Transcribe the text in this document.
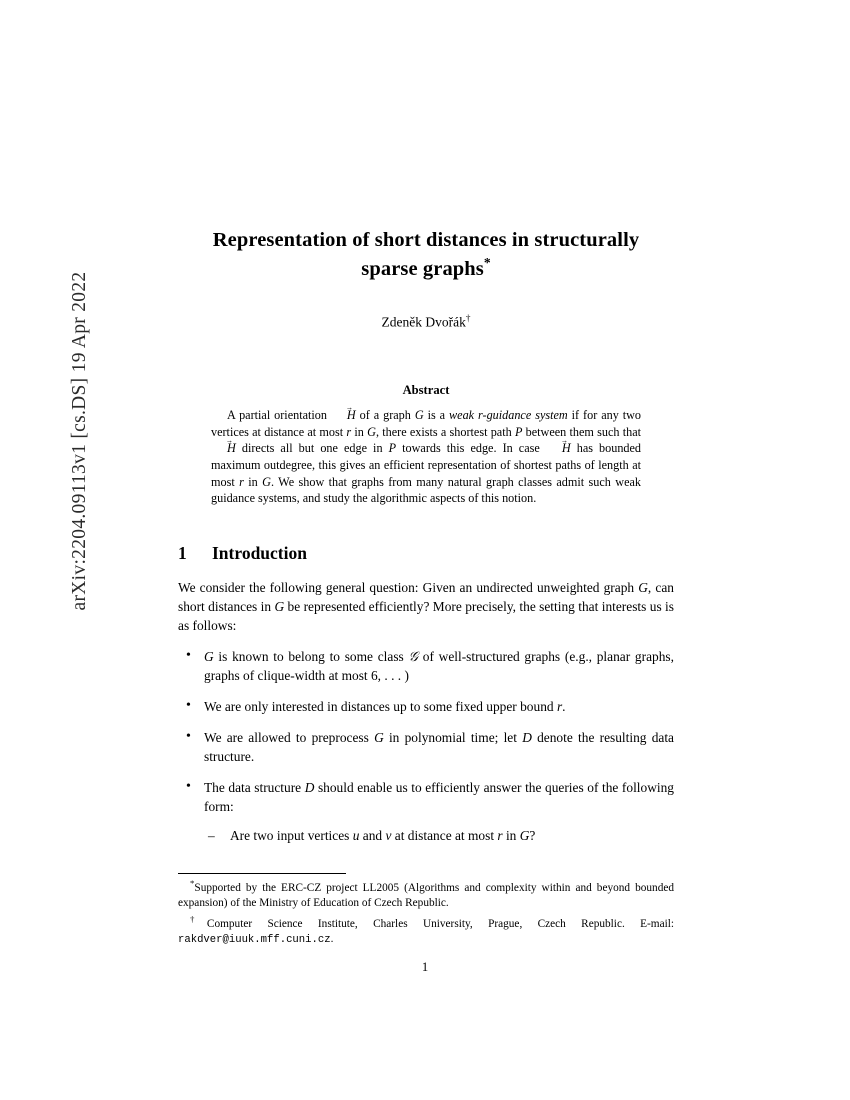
arXiv:2204.09113v1 [cs.DS] 19 Apr 2022
Representation of short distances in structurally
sparse graphs*
Zdeněk Dvořák†
Abstract
A partial orientation H → of a graph G is a weak r-guidance system if for any two vertices at distance at most r in G, there exists a shortest path P between them such that H → directs all but one edge in P towards this edge. In case H → has bounded maximum outdegree, this gives an efficient representation of shortest paths of length at most r in G. We show that graphs from many natural graph classes admit such weak guidance systems, and study the algorithmic aspects of this notion.
1 Introduction

We consider the following general question: Given an undirected unweighted graph G, can short distances in G be represented efficiently? More precisely, the setting that interests us is as follows:

• G is known to belong to some class 𝒢 of well-structured graphs (e.g., planar graphs, graphs of clique-width at most 6, . . . )
• We are only interested in distances up to some fixed upper bound r.
• We are allowed to preprocess G in polynomial time; let D denote the resulting data structure.
• The data structure D should enable us to efficiently answer the queries of the following form:
– Are two input vertices u and v at distance at most r in G?

*Supported by the ERC-CZ project LL2005 (Algorithms and complexity within and beyond bounded expansion) of the Ministry of Education of Czech Republic.

†Computer Science Institute, Charles University, Prague, Czech Republic. E-mail: rakdver@iuuk.mff.cuni.cz.

1
